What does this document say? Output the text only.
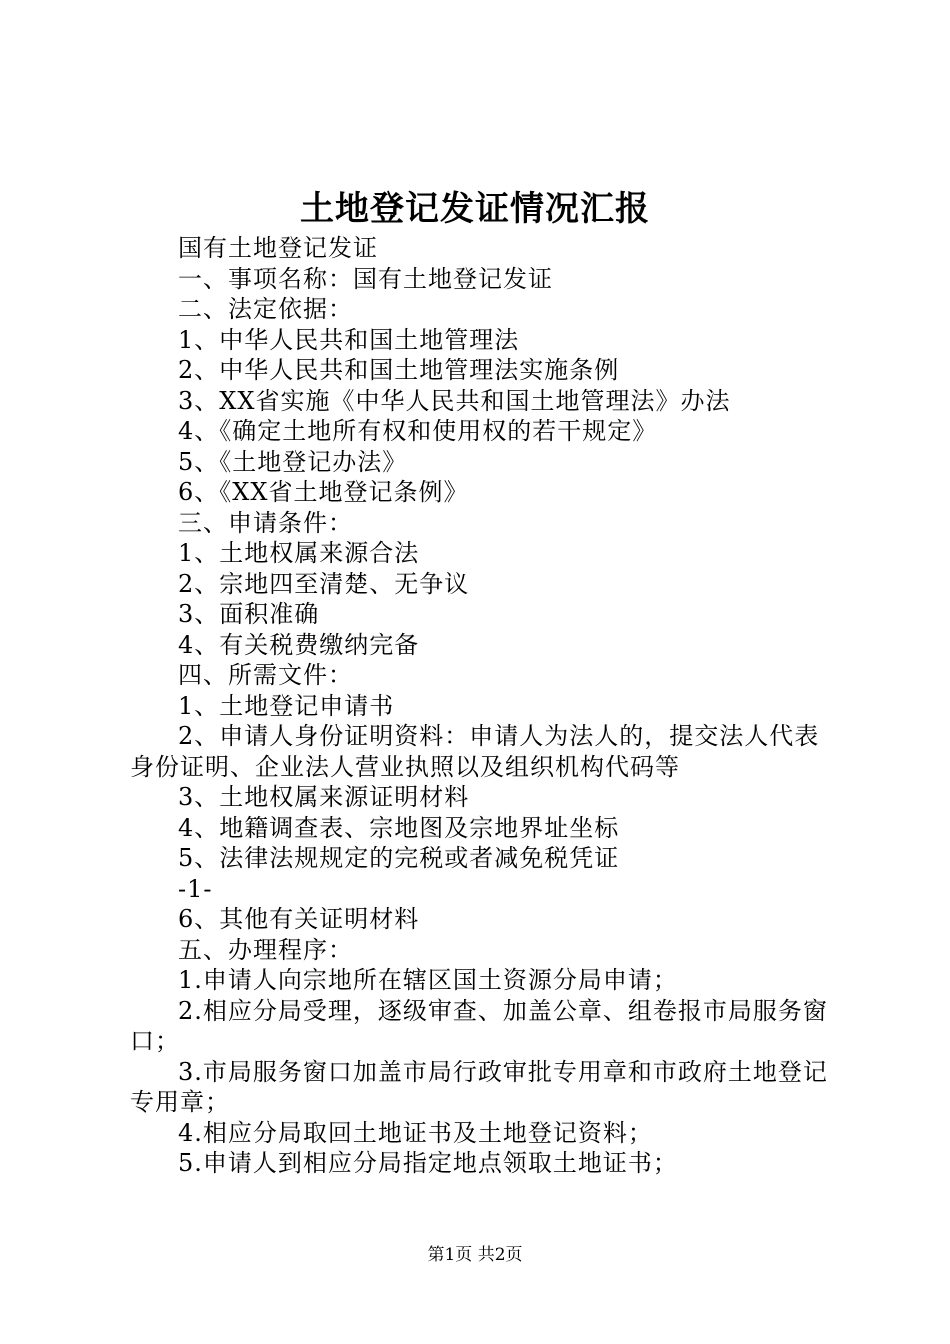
土地登记发证情况汇报
国有土地登记发证
一、事项名称：国有土地登记发证
二、法定依据：
1、中华人民共和国土地管理法
2、中华人民共和国土地管理法实施条例
3、XX省实施《中华人民共和国土地管理法》办法
4、《确定土地所有权和使用权的若干规定》
5、《土地登记办法》
6、《XX省土地登记条例》
三、申请条件：
1、土地权属来源合法
2、宗地四至清楚、无争议
3、面积准确
4、有关税费缴纳完备
四、所需文件：
1、土地登记申请书
2、申请人身份证明资料：申请人为法人的，提交法人代表身份证明、企业法人营业执照以及组织机构代码等
3、土地权属来源证明材料
4、地籍调查表、宗地图及宗地界址坐标
5、法律法规规定的完税或者减免税凭证
-1-
6、其他有关证明材料
五、办理程序：
1.申请人向宗地所在辖区国土资源分局申请；
2.相应分局受理，逐级审查、加盖公章、组卷报市局服务窗口；
3.市局服务窗口加盖市局行政审批专用章和市政府土地登记专用章；
4.相应分局取回土地证书及土地登记资料；
5.申请人到相应分局指定地点领取土地证书；
第1页 共2页
